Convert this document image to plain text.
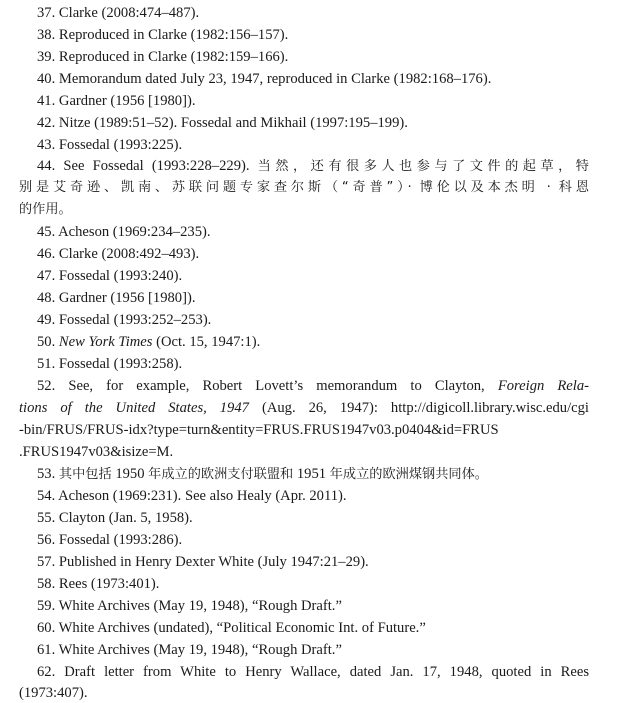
37. Clarke (2008:474–487).
38. Reproduced in Clarke (1982:156–157).
39. Reproduced in Clarke (1982:159–166).
40. Memorandum dated July 23, 1947, reproduced in Clarke (1982:168–176).
41. Gardner (1956 [1980]).
42. Nitze (1989:51–52). Fossedal and Mikhail (1997:195–199).
43. Fossedal (1993:225).
44. See Fossedal (1993:228–229). 当然，还有很多人也参与了文件的起草，特
别是艾奇逊、凯南、苏联问题专家查尔斯（“奇普”）· 博伦以及本杰明 · 科恩
的作用。
45. Acheson (1969:234–235).
46. Clarke (2008:492–493).
47. Fossedal (1993:240).
48. Gardner (1956 [1980]).
49. Fossedal (1993:252–253).
50. New York Times (Oct. 15, 1947:1).
51. Fossedal (1993:258).
52. See, for example, Robert Lovett’s memorandum to Clayton, Foreign Rela-
tions of the United States, 1947 (Aug. 26, 1947): http://digicoll.library.wisc.edu/cgi
-bin/FRUS/FRUS-idx?type=turn&entity=FRUS.FRUS1947v03.p0404&id=FRUS
.FRUS1947v03&isize=M.
53. 其中包括 1950 年成立的欧洲支付联盟和 1951 年成立的欧洲煤钢共同体。
54. Acheson (1969:231). See also Healy (Apr. 2011).
55. Clayton (Jan. 5, 1958).
56. Fossedal (1993:286).
57. Published in Henry Dexter White (July 1947:21–29).
58. Rees (1973:401).
59. White Archives (May 19, 1948), “Rough Draft.”
60. White Archives (undated), “Political Economic Int. of Future.”
61. White Archives (May 19, 1948), “Rough Draft.”
62. Draft letter from White to Henry Wallace, dated Jan. 17, 1948, quoted in Rees
(1973:407).
